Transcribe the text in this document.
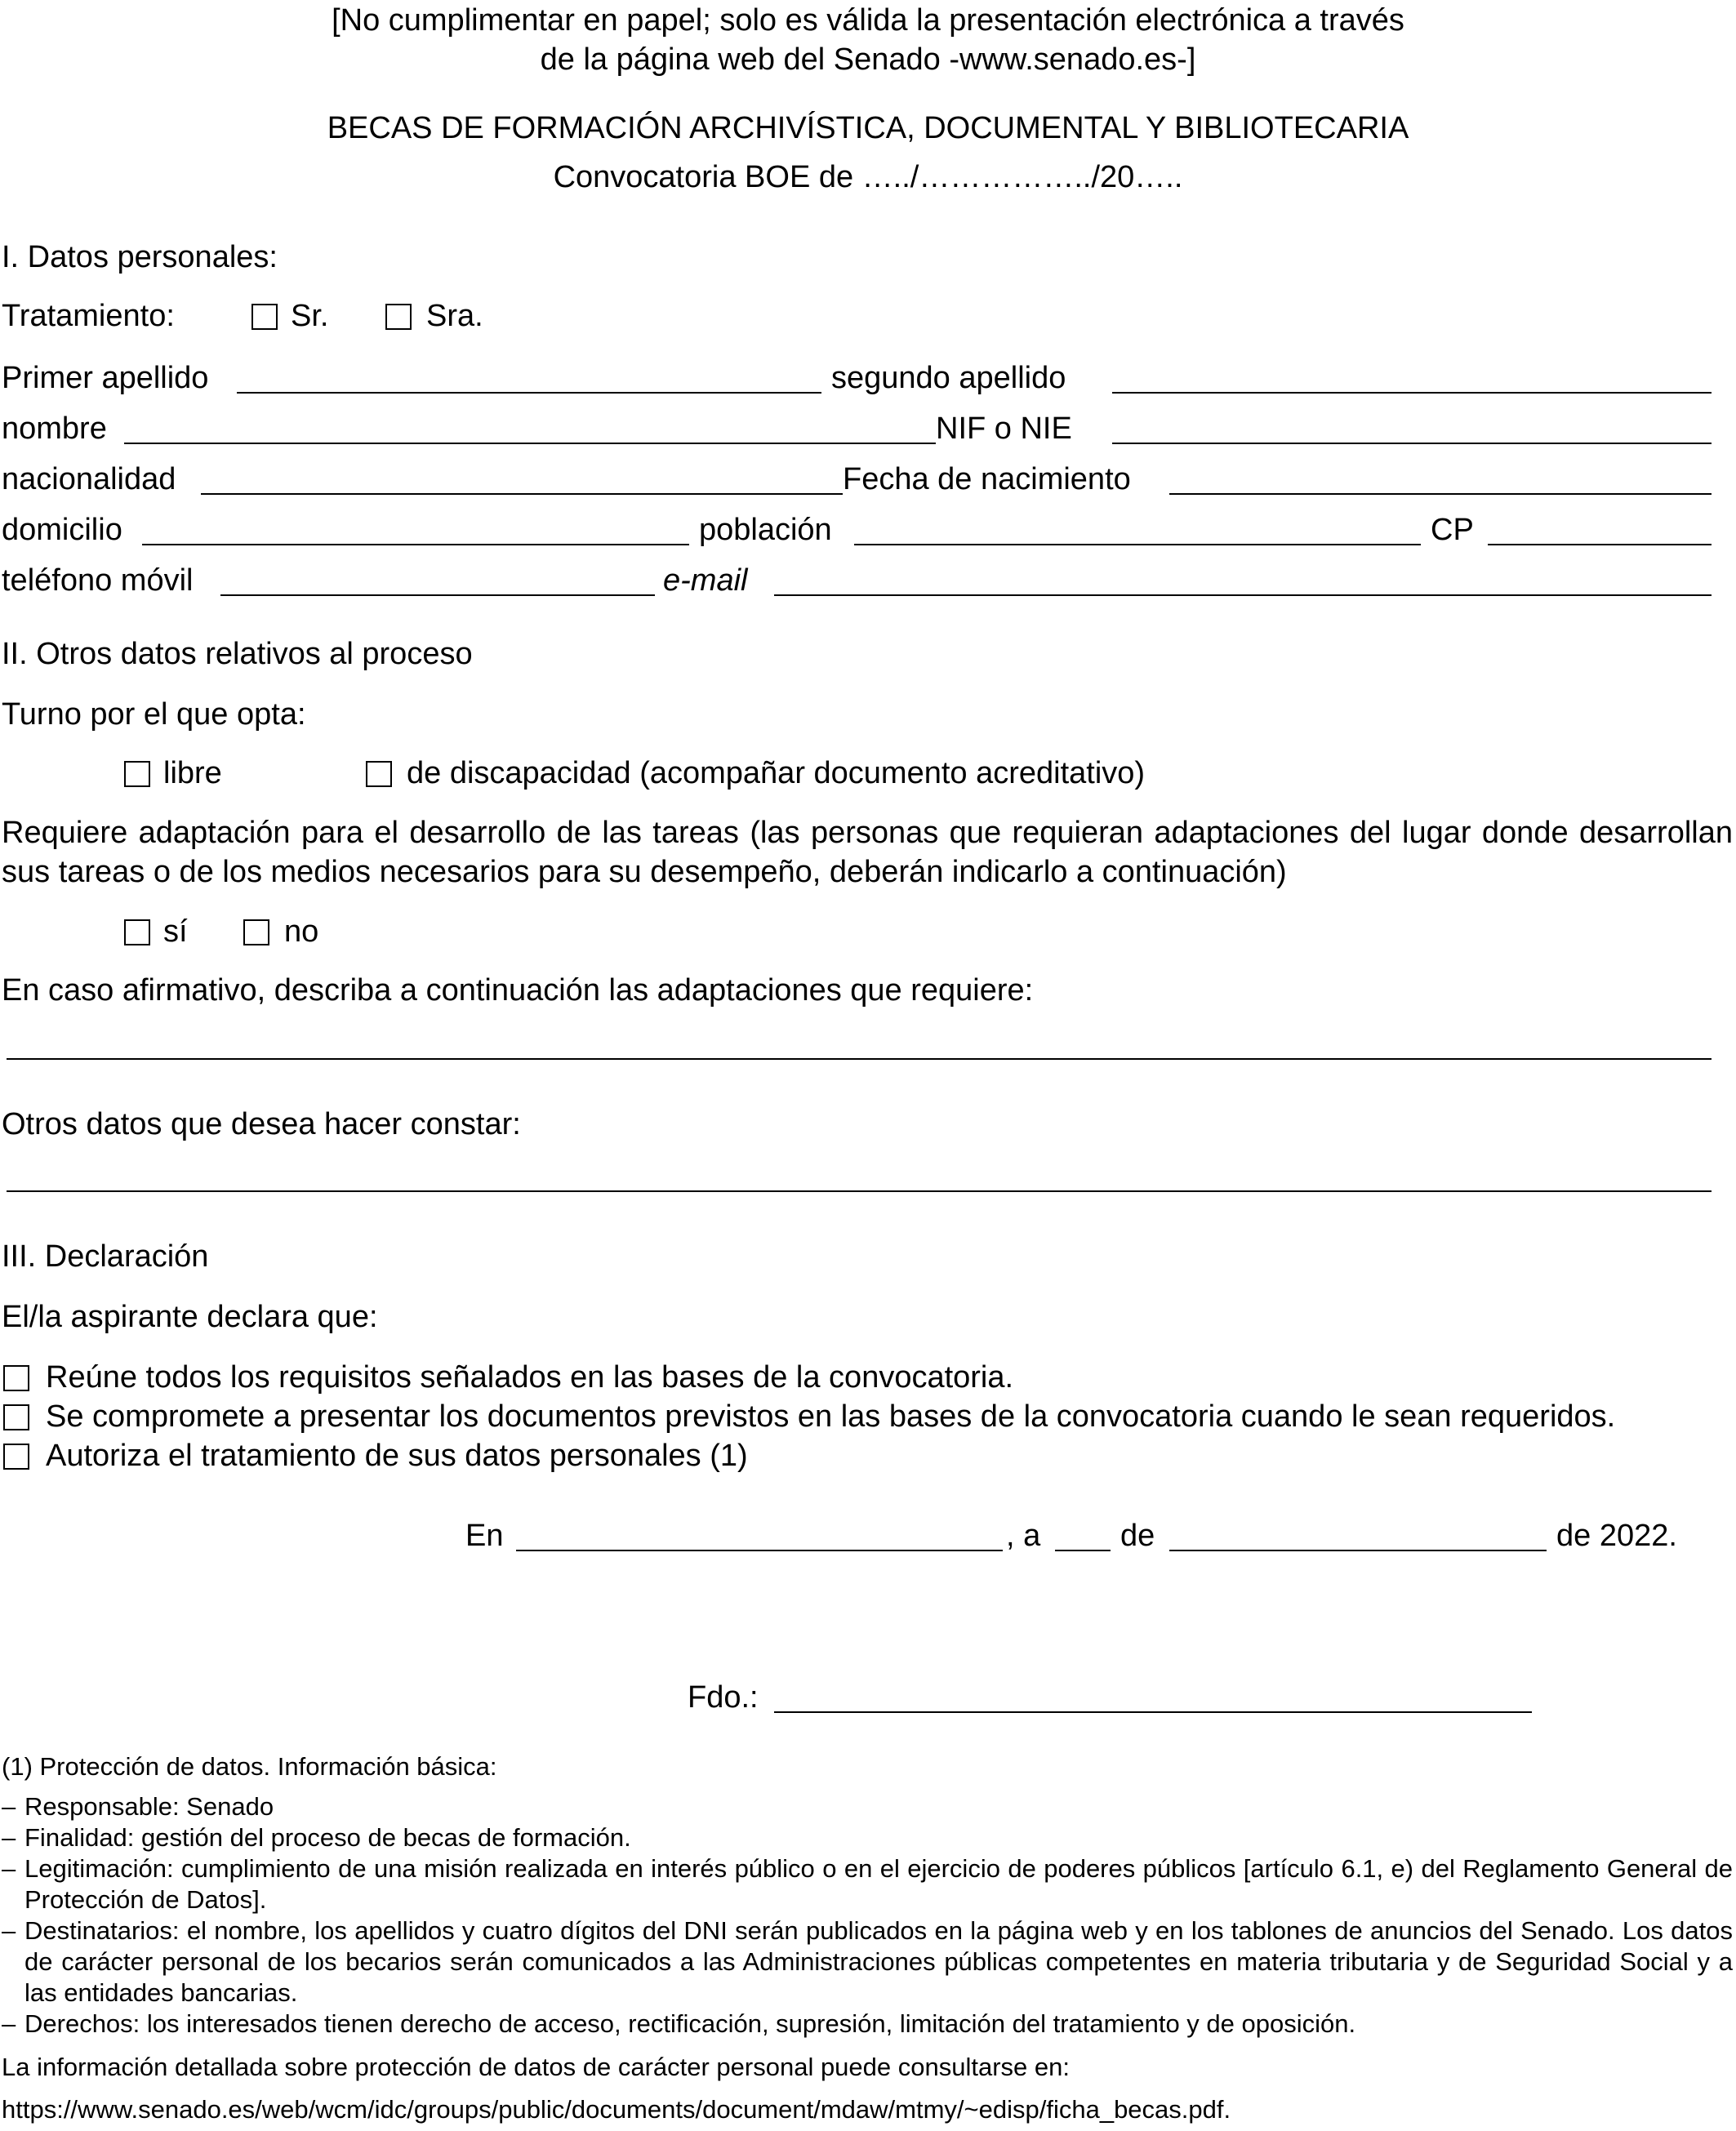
[No cumplimentar en papel; solo es válida la presentación electrónica a través
de la página web del Senado -www.senado.es-]
BECAS DE FORMACIÓN ARCHIVÍSTICA, DOCUMENTAL Y BIBLIOTECARIA
Convocatoria BOE de …../……………../20…..
I. Datos personales:
Tratamiento:	Sr.	Sra.
Primer apellido	segundo apellido
nombre	NIF o NIE
nacionalidad	Fecha de nacimiento
domicilio	población	CP
teléfono móvil	e-mail
II. Otros datos relativos al proceso
Turno por el que opta:
libre	de discapacidad (acompañar documento acreditativo)
Requiere adaptación para el desarrollo de las tareas (las personas que requieran adaptaciones del lugar donde desarrollan sus tareas o de los medios necesarios para su desempeño, deberán indicarlo a continuación)
sí	no
En caso afirmativo, describa a continuación las adaptaciones que requiere:
Otros datos que desea hacer constar:
III. Declaración
El/la aspirante declara que:
Reúne todos los requisitos señalados en las bases de la convocatoria.
Se compromete a presentar los documentos previstos en las bases de la convocatoria cuando le sean requeridos.
Autoriza el tratamiento de sus datos personales (1)
En	, a	de	de 2022.
Fdo.:
(1) Protección de datos. Información básica:
– Responsable: Senado
– Finalidad: gestión del proceso de becas de formación.
– Legitimación: cumplimiento de una misión realizada en interés público o en el ejercicio de poderes públicos [artículo 6.1, e) del Reglamento General de Protección de Datos].
– Destinatarios: el nombre, los apellidos y cuatro dígitos del DNI serán publicados en la página web y en los tablones de anuncios del Senado. Los datos de carácter personal de los becarios serán comunicados a las Administraciones públicas competentes en materia tributaria y de Seguridad Social y a las entidades bancarias.
– Derechos: los interesados tienen derecho de acceso, rectificación, supresión, limitación del tratamiento y de oposición.
La información detallada sobre protección de datos de carácter personal puede consultarse en:
https://www.senado.es/web/wcm/idc/groups/public/documents/document/mdaw/mtmy/~edisp/ficha_becas.pdf.
